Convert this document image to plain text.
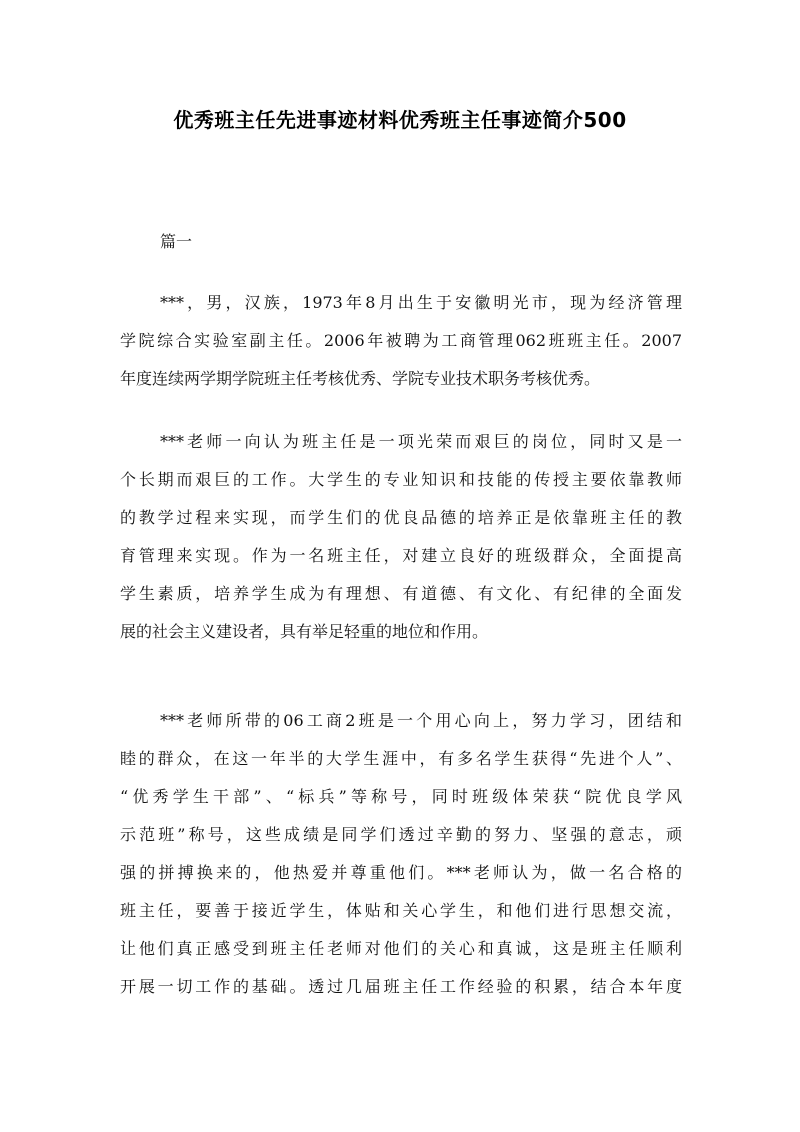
优秀班主任先进事迹材料优秀班主任事迹简介500

篇一

***，男，汉族，1973年8月出生于安徽明光市，现为经济管理
学院综合实验室副主任。2006年被聘为工商管理062班班主任。2007
年度连续两学期学院班主任考核优秀、学院专业技术职务考核优秀。
***老师一向认为班主任是一项光荣而艰巨的岗位，同时又是一
个长期而艰巨的工作。大学生的专业知识和技能的传授主要依靠教师
的教学过程来实现，而学生们的优良品德的培养正是依靠班主任的教
育管理来实现。作为一名班主任，对建立良好的班级群众，全面提高
学生素质，培养学生成为有理想、有道德、有文化、有纪律的全面发
展的社会主义建设者，具有举足轻重的地位和作用。
***老师所带的06工商2班是一个用心向上，努力学习，团结和
睦的群众，在这一年半的大学生涯中，有多名学生获得“先进个人”、
“优秀学生干部”、“标兵”等称号，同时班级体荣获“院优良学风
示范班”称号，这些成绩是同学们透过辛勤的努力、坚强的意志，顽
强的拼搏换来的，他热爱并尊重他们。***老师认为，做一名合格的
班主任，要善于接近学生，体贴和关心学生，和他们进行思想交流，
让他们真正感受到班主任老师对他们的关心和真诚，这是班主任顺利
开展一切工作的基础。透过几届班主任工作经验的积累，结合本年度
